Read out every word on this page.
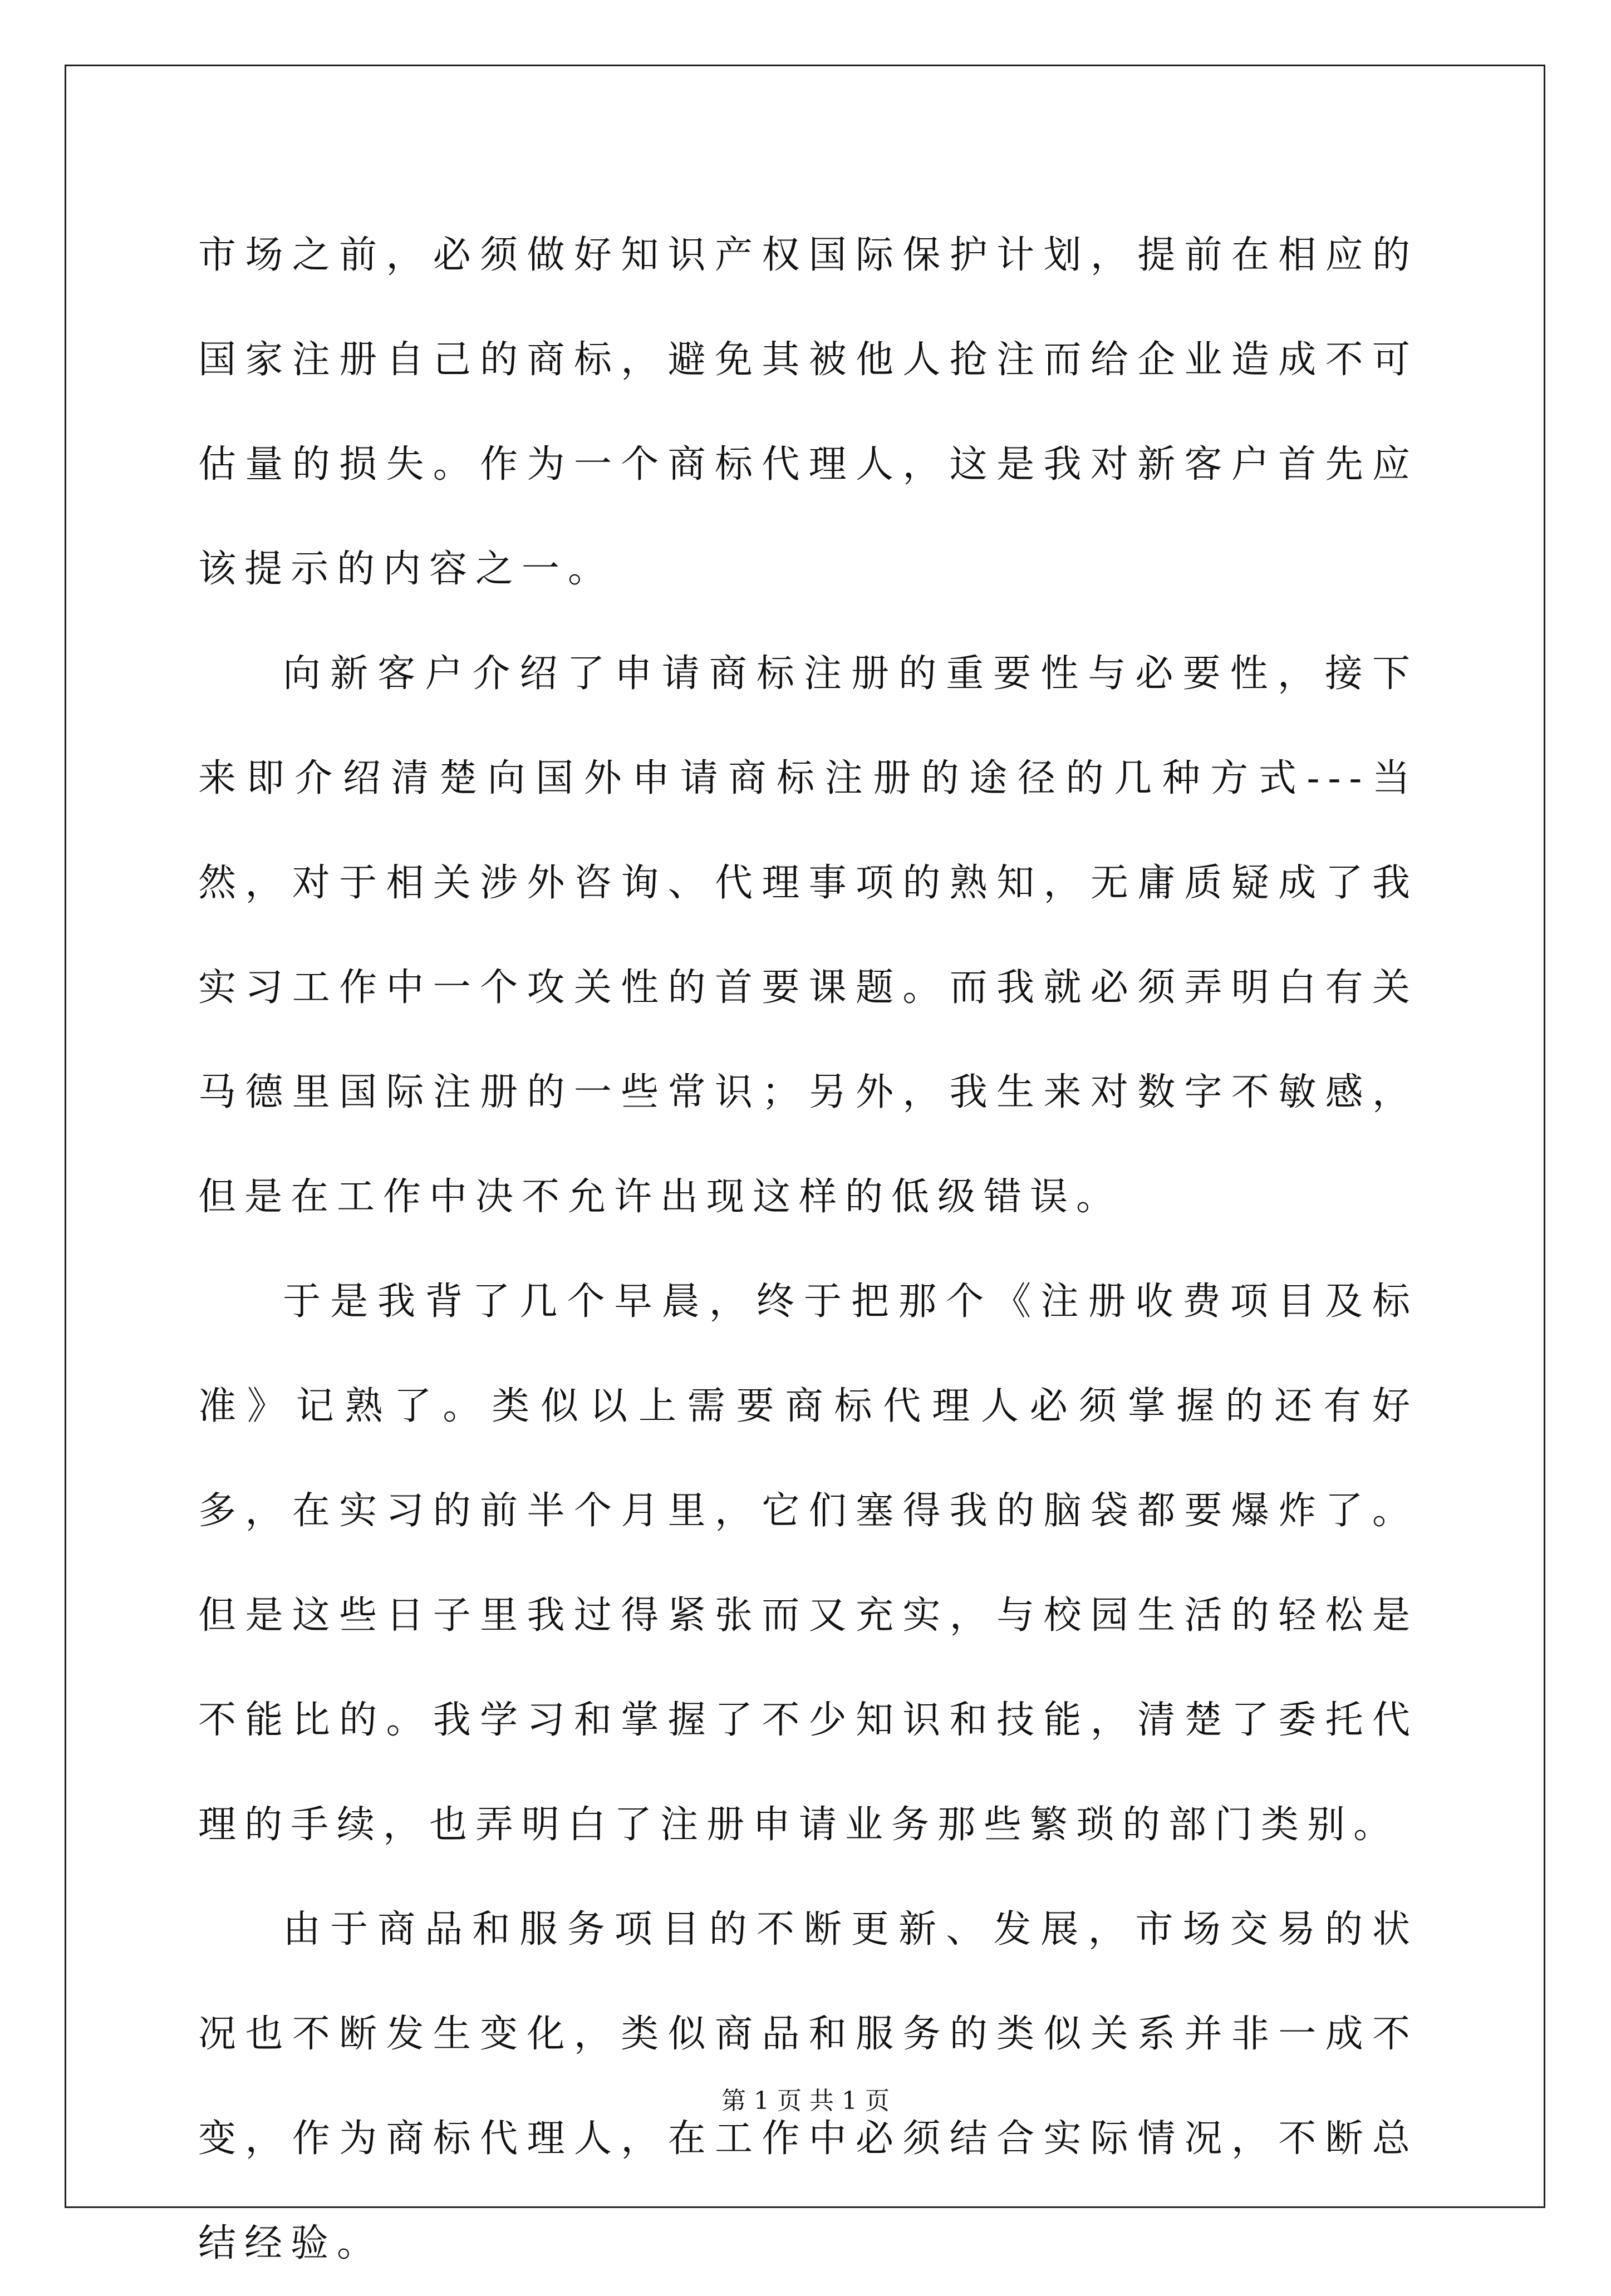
市场之前，必须做好知识产权国际保护计划，提前在相应的国家注册自己的商标，避免其被他人抢注而给企业造成不可估量的损失。作为一个商标代理人，这是我对新客户首先应该提示的内容之一。

向新客户介绍了申请商标注册的重要性与必要性，接下来即介绍清楚向国外申请商标注册的途径的几种方式---当然，对于相关涉外咨询、代理事项的熟知，无庸质疑成了我实习工作中一个攻关性的首要课题。而我就必须弄明白有关马德里国际注册的一些常识；另外，我生来对数字不敏感，但是在工作中决不允许出现这样的低级错误。

于是我背了几个早晨，终于把那个《注册收费项目及标准》记熟了。类似以上需要商标代理人必须掌握的还有好多，在实习的前半个月里，它们塞得我的脑袋都要爆炸了。但是这些日子里我过得紧张而又充实，与校园生活的轻松是不能比的。我学习和掌握了不少知识和技能，清楚了委托代理的手续，也弄明白了注册申请业务那些繁琐的部门类别。

由于商品和服务项目的不断更新、发展，市场交易的状况也不断发生变化，类似商品和服务的类似关系并非一成不变，作为商标代理人，在工作中必须结合实际情况，不断总结经验。

第 1 页 共 1 页
